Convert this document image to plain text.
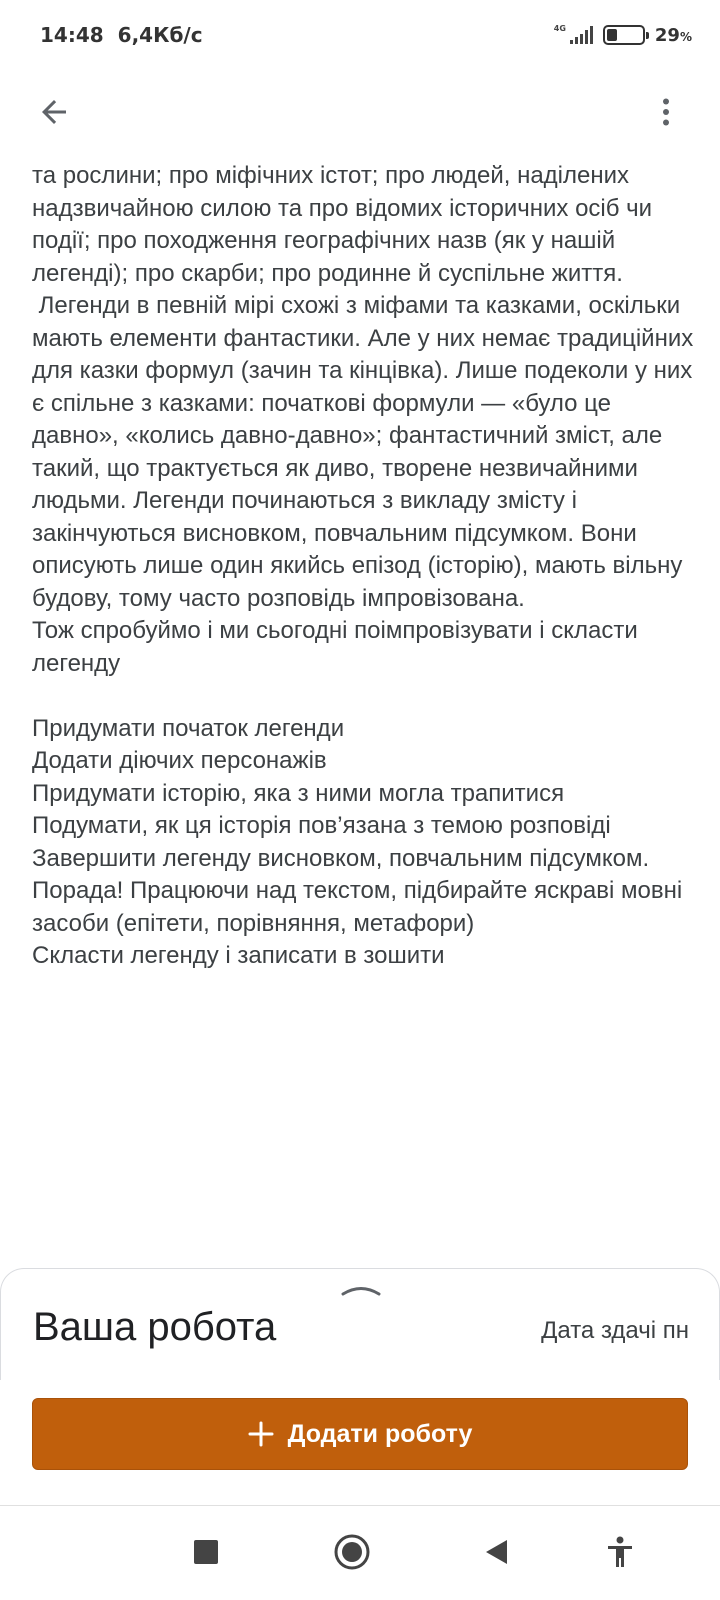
14:48 6,4Кб/с	4G	29%
та рослини; про міфічних істот; про людей, наділених надзвичайною силою та про відомих історичних осіб чи події; про походження географічних назв (як у нашій легенді); про скарби; про родинне й суспільне життя.
Легенди в певній мірі схожі з міфами та казками, оскільки мають елементи фантастики. Але у них немає традиційних для казки формул (зачин та кінцівка). Лише подеколи у них є спільне з казками: початкові формули — «було це давно», «колись давно-давно»; фантастичний зміст, але такий, що трактується як диво, творене незвичайними людьми. Легенди починаються з викладу змісту і закінчуються висновком, повчальним підсумком. Вони описують лише один якийсь епізод (історію), мають вільну будову, тому часто розповідь імпровізована.
Тож спробуймо і ми сьогодні поімпровізувати і скласти легенду

Придумати початок легенди
Додати діючих персонажів
Придумати історію, яка з ними могла трапитися
Подумати, як ця історія пов’язана з темою розповіді
Завершити легенду висновком, повчальним підсумком.
Порада! Працюючи над текстом, підбирайте яскраві мовні засоби (епітети, порівняння, метафори)
Скласти легенду і записати в зошити
Ваша робота	Дата здачі пн
Додати роботу
